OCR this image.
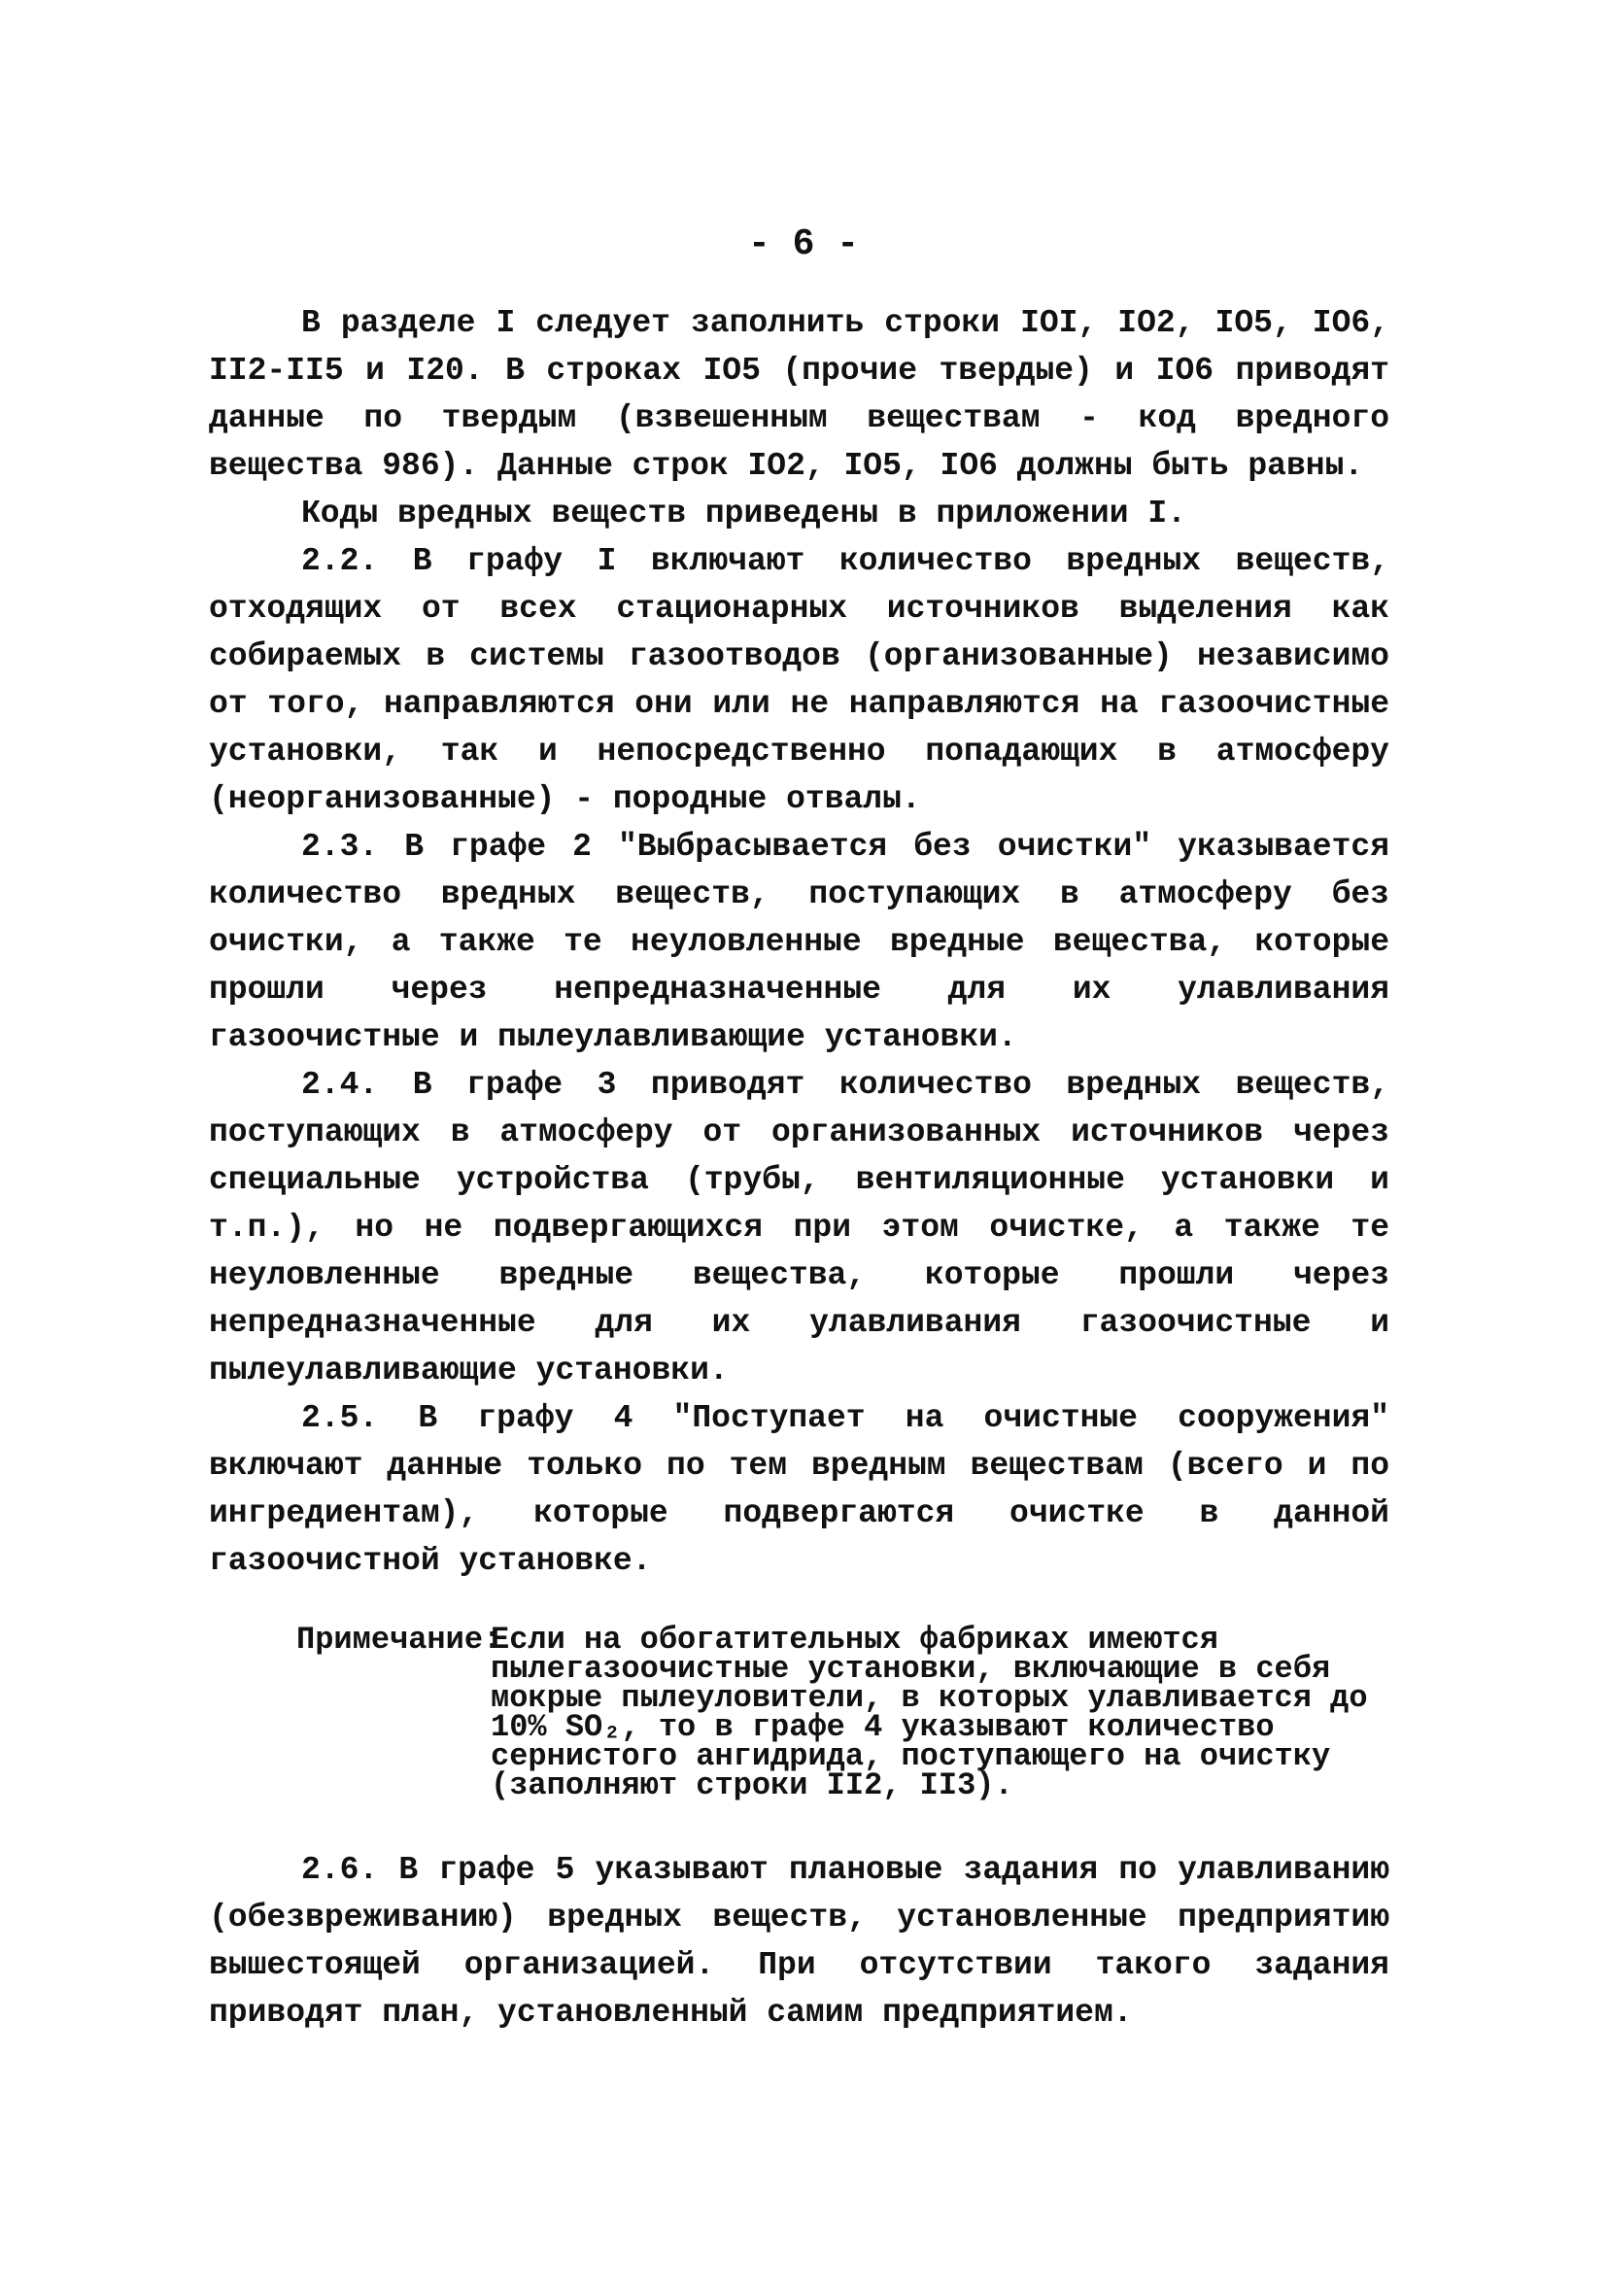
- 6 -

В разделе I следует заполнить строки IOI, IO2, IO5, IO6, II2-II5 и I20. В строках IO5 (прочие твердые) и IO6 приводят данные по твердым (взвешенным веществам - код вредного вещества 986). Данные строк IO2, IO5, IO6 должны быть равны.

Коды вредных веществ приведены в приложении I.

2.2. В графу I включают количество вредных веществ, отходящих от всех стационарных источников выделения как собираемых в системы газоотводов (организованные) независимо от того, направляются они или не направляются на газоочистные установки, так и непосредственно попадающих в атмосферу (неорганизованные) - породные отвалы.

2.3. В графе 2 "Выбрасывается без очистки" указывается количество вредных веществ, поступающих в атмосферу без очистки, а также те неуловленные вредные вещества, которые прошли через непредназначенные для их улавливания газоочистные и пылеулавливающие установки.

2.4. В графе 3 приводят количество вредных веществ, поступающих в атмосферу от организованных источников через специальные устройства (трубы, вентиляционные установки и т.п.), но не подвергающихся при этом очистке, а также те неуловленные вредные вещества, которые прошли через непредназначенные для их улавливания газоочистные и пылеулавливающие установки.

2.5. В графу 4 "Поступает на очистные сооружения" включают данные только по тем вредным веществам (всего и по ингредиентам), которые подвергаются очистке в данной газоочистной установке.

Примечание:
Если на обогатительных фабриках имеются пылегазоочистные установки, включающие в себя мокрые пылеуловители, в которых улавливается до 10% SO₂, то в графе 4 указывают количество сернистого ангидрида, поступающего на очистку (заполняют строки II2, II3).

2.6. В графе 5 указывают плановые задания по улавливанию (обезвреживанию) вредных веществ, установленные предприятию вышестоящей организацией. При отсутствии такого задания приводят план, установленный самим предприятием.
